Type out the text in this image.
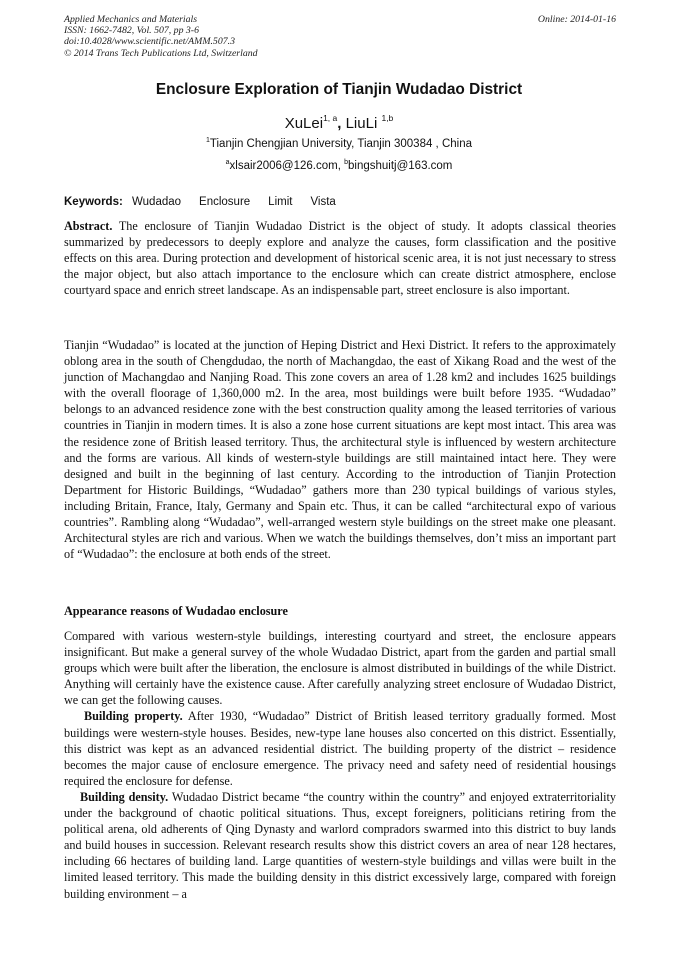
Applied Mechanics and Materials
ISSN: 1662-7482, Vol. 507, pp 3-6
doi:10.4028/www.scientific.net/AMM.507.3
© 2014 Trans Tech Publications Ltd, Switzerland
Online: 2014-01-16
Enclosure Exploration of Tianjin Wudadao District
XuLei$^{1, a}$, LiuLi $^{1,b}$
$^1$Tianjin Chengjian University, Tianjin 300384 , China
$^a$xlsair2006@126.com, $^b$bingshuitj@163.com
Keywords: Wudadao Enclosure Limit Vista

Abstract. The enclosure of Tianjin Wudadao District is the object of study. It adopts classical theories summarized by predecessors to deeply explore and analyze the causes, form classification and the positive effects on this area. During protection and development of historical scenic area, it is not just necessary to stress the major object, but also attach importance to the enclosure which can create district atmosphere, enclose courtyard space and enrich street landscape. As an indispensable part, street enclosure is also important.

Tianjin “Wudadao” is located at the junction of Heping District and Hexi District. It refers to the approximately oblong area in the south of Chengdudao, the north of Machangdao, the east of Xikang Road and the west of the junction of Machangdao and Nanjing Road. This zone covers an area of 1.28 km2 and includes 1625 buildings with the overall floorage of 1,360,000 m2. In the area, most buildings were built before 1935. “Wudadao” belongs to an advanced residence zone with the best construction quality among the leased territories of various countries in Tianjin in modern times. It is also a zone hose current situations are kept most intact. This area was the residence zone of British leased territory. Thus, the architectural style is influenced by western architecture and the forms are various. All kinds of western-style buildings are still maintained intact here. They were designed and built in the beginning of last century. According to the introduction of Tianjin Protection Department for Historic Buildings, “Wudadao” gathers more than 230 typical buildings of various styles, including Britain, France, Italy, Germany and Spain etc. Thus, it can be called “architectural expo of various countries”. Rambling along “Wudadao”, well-arranged western style buildings on the street make one pleasant. Architectural styles are rich and various. When we watch the buildings themselves, don’t miss an important part of “Wudadao”: the enclosure at both ends of the street.

Appearance reasons of Wudadao enclosure

Compared with various western-style buildings, interesting courtyard and street, the enclosure appears insignificant. But make a general survey of the whole Wudadao District, apart from the garden and partial small groups which were built after the liberation, the enclosure is almost distributed in buildings of the while District. Anything will certainly have the existence cause. After carefully analyzing street enclosure of Wudadao District, we can get the following causes.

Building property. After 1930, “Wudadao” District of British leased territory gradually formed. Most buildings were western-style houses. Besides, new-type lane houses also concerted on this district. Essentially, this district was kept as an advanced residential district. The building property of the district – residence becomes the major cause of enclosure emergence. The privacy need and safety need of residential housings required the enclosure for defense.

Building density. Wudadao District became “the country within the country” and enjoyed extraterritoriality under the background of chaotic political situations. Thus, except foreigners, politicians retiring from the political arena, old adherents of Qing Dynasty and warlord compradors swarmed into this district to buy lands and build houses in succession. Relevant research results show this district covers an area of near 128 hectares, including 66 hectares of building land. Large quantities of western-style buildings and villas were built in the limited leased territory. This made the building density in this district excessively large, compared with foreign building environment – a
